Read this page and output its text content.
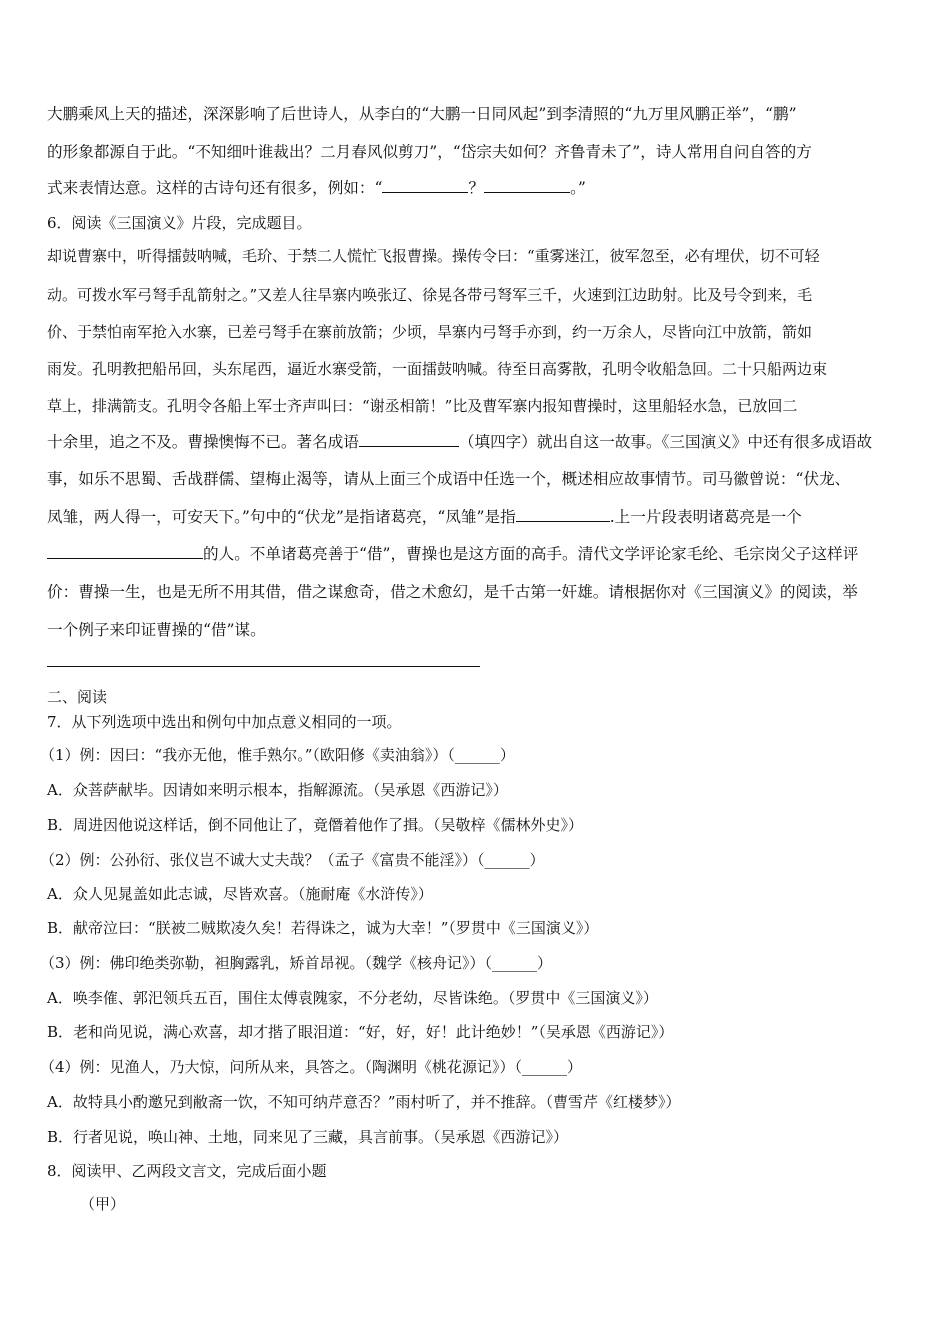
大鹏乘风上天的描述，深深影响了后世诗人，从李白的“大鹏一日同风起”到李清照的“九万里风鹏正举”，“鹏”

的形象都源自于此。“不知细叶谁裁出？二月春风似剪刀”，“岱宗夫如何？齐鲁青未了”，诗人常用自问自答的方

式来表情达意。这样的古诗句还有很多，例如：“	？	。”

6．阅读《三国演义》片段，完成题目。

却说曹寨中，听得擂鼓呐喊，毛玠、于禁二人慌忙飞报曹操。操传令曰：“重雾迷江，彼军忽至，必有埋伏，切不可轻

动。可拨水军弓弩手乱箭射之。”又差人往旱寨内唤张辽、徐晃各带弓弩军三千，火速到江边助射。比及号令到来，毛

价、于禁怕南军抢入水寨，已差弓弩手在寨前放箭；少顷，旱寨内弓弩手亦到，约一万余人，尽皆向江中放箭，箭如

雨发。孔明教把船吊回，头东尾西，逼近水寨受箭，一面擂鼓呐喊。待至日高雾散，孔明令收船急回。二十只船两边束

草上，排满箭支。孔明令各船上军士齐声叫曰：“谢丞相箭！”比及曹军寨内报知曹操时，这里船轻水急，已放回二

十余里，追之不及。曹操懊悔不已。著名成语	（填四字）就出自这一故事。《三国演义》中还有很多成语故

事，如乐不思蜀、舌战群儒、望梅止渴等，请从上面三个成语中任选一个，概述相应故事情节。司马徽曾说：“伏龙、

凤雏，两人得一，可安天下。”句中的“伏龙”是指诸葛亮，“凤雏”是指	.上一片段表明诸葛亮是一个

的人。不单诸葛亮善于“借”，曹操也是这方面的高手。清代文学评论家毛纶、毛宗岗父子这样评

价：曹操一生，也是无所不用其借，借之谋愈奇，借之术愈幻，是千古第一奸雄。请根据你对《三国演义》的阅读，举

一个例子来印证曹操的“借”谋。

二、阅读

7．从下列选项中选出和例句中加点意义相同的一项。

（1）例：因曰：“我亦无他，惟手熟尔。”（欧阳修《卖油翁》）（______）

A．众菩萨献毕。因请如来明示根本，指解源流。（吴承恩《西游记》）

B．周进因他说这样话，倒不同他让了，竟僭着他作了揖。（吴敬梓《儒林外史》）

（2）例：公孙衍、张仪岂不诚大丈夫哉？（孟子《富贵不能淫》）（______）

A．众人见晁盖如此志诚，尽皆欢喜。（施耐庵《水浒传》）

B．献帝泣曰：“朕被二贼欺凌久矣！若得诛之，诚为大幸！”（罗贯中《三国演义》）

（3）例：佛印绝类弥勒，袒胸露乳，矫首昂视。（魏学《核舟记》）（______）

A．唤李傕、郭汜领兵五百，围住太傅袁隗家，不分老幼，尽皆诛绝。（罗贯中《三国演义》）

B．老和尚见说，满心欢喜，却才揩了眼泪道：“好，好，好！此计绝妙！”（吴承恩《西游记》）

（4）例：见渔人，乃大惊，问所从来，具答之。（陶渊明《桃花源记》）（______）

A．故特具小酌邀兄到敝斋一饮，不知可纳芹意否？”雨村听了，并不推辞。（曹雪芹《红楼梦》）

B．行者见说，唤山神、土地，同来见了三藏，具言前事。（吴承恩《西游记》）

8．阅读甲、乙两段文言文，完成后面小题

（甲）
